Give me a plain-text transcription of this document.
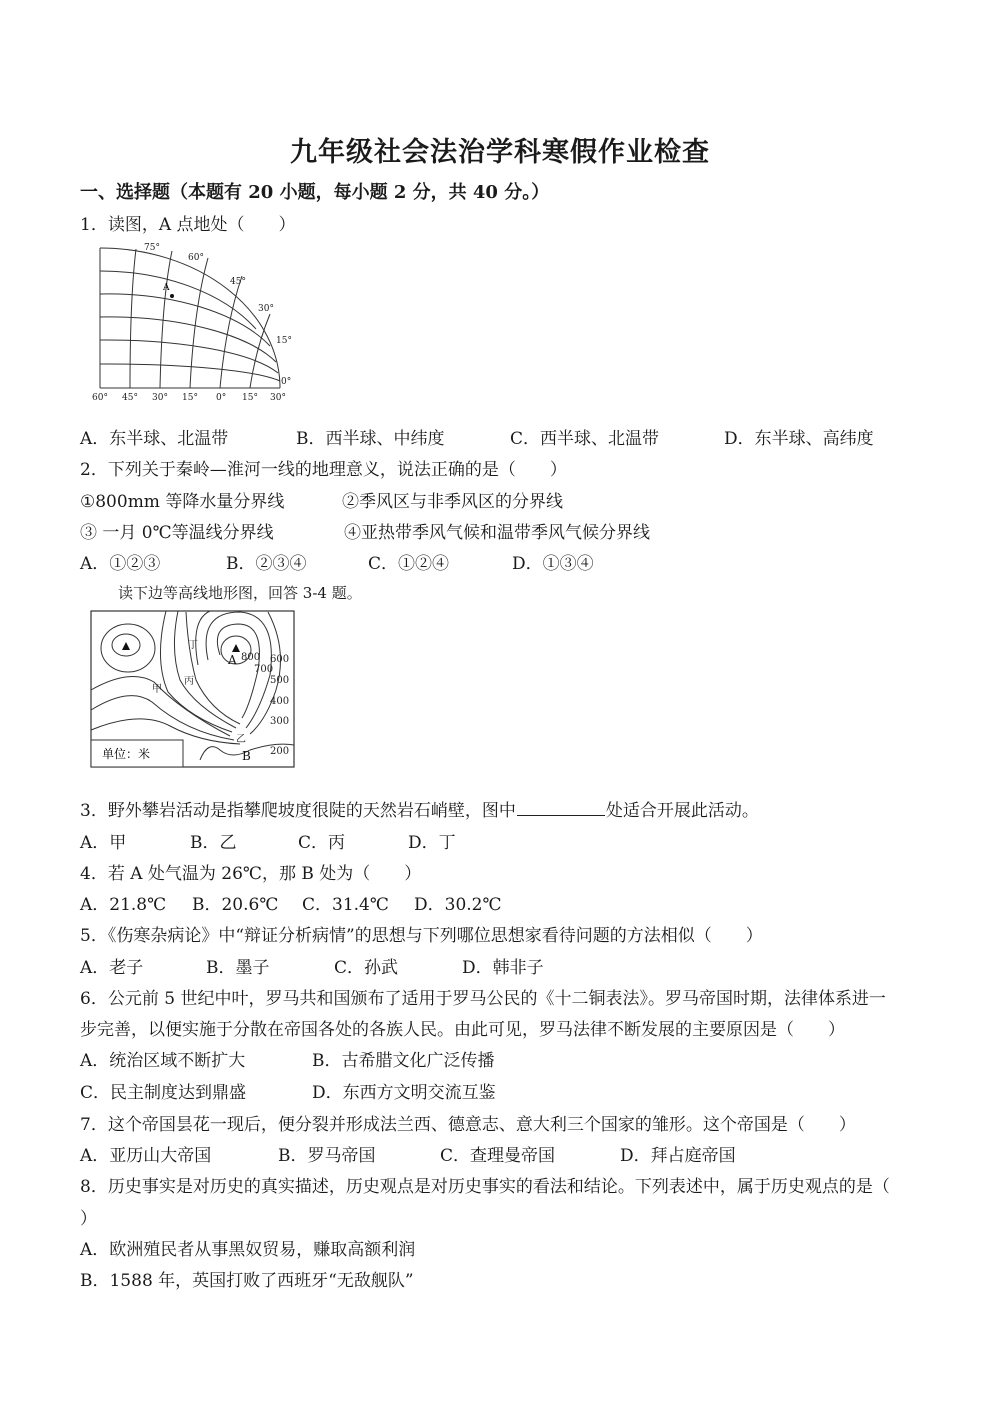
九年级社会法治学科寒假作业检查
一、选择题（本题有 20 小题，每小题 2 分，共 40 分。）
1．读图，A 点地处（　　）
A
75°
60°
45°
30°
15°
0°
60° 45° 30° 15° 0° 15° 30°
A．东半球、北温带	B．西半球、中纬度	C．西半球、北温带	D．东半球、高纬度
2．下列关于秦岭—淮河一线的地理意义，说法正确的是（　　）
①800mm 等降水量分界线	②季风区与非季风区的分界线
③ 一月 0℃等温线分界线	④亚热带季风气候和温带季风气候分界线
A．①②③	B．②③④	C．①②④	D．①③④
读下边等高线地形图，回答 3-4 题。
单位：米
800
700
600
500
400
300
200
甲
乙
丙
丁
A
B
3．野外攀岩活动是指攀爬坡度很陡的天然岩石峭壁，图中	处适合开展此活动。
A．甲	B．乙	C．丙	D．丁
4．若 A 处气温为 26℃，那 B 处为（　　）
A．21.8℃ B．20.6℃ C．31.4℃ D．30.2℃
5．《伤寒杂病论》中“辩证分析病情”的思想与下列哪位思想家看待问题的方法相似（　　）
A．老子	B．墨子	C．孙武	D．韩非子
6．公元前 5 世纪中叶，罗马共和国颁布了适用于罗马公民的《十二铜表法》。罗马帝国时期，法律体系进一
步完善，以便实施于分散在帝国各处的各族人民。由此可见，罗马法律不断发展的主要原因是（　　）
A．统治区域不断扩大	B．古希腊文化广泛传播
C．民主制度达到鼎盛	D．东西方文明交流互鉴
7．这个帝国昙花一现后，便分裂并形成法兰西、德意志、意大利三个国家的雏形。这个帝国是（　　）
A．亚历山大帝国	B．罗马帝国	C．查理曼帝国	D．拜占庭帝国
8．历史事实是对历史的真实描述，历史观点是对历史事实的看法和结论。下列表述中，属于历史观点的是（
）
A．欧洲殖民者从事黑奴贸易，赚取高额利润
B．1588 年，英国打败了西班牙“无敌舰队”
